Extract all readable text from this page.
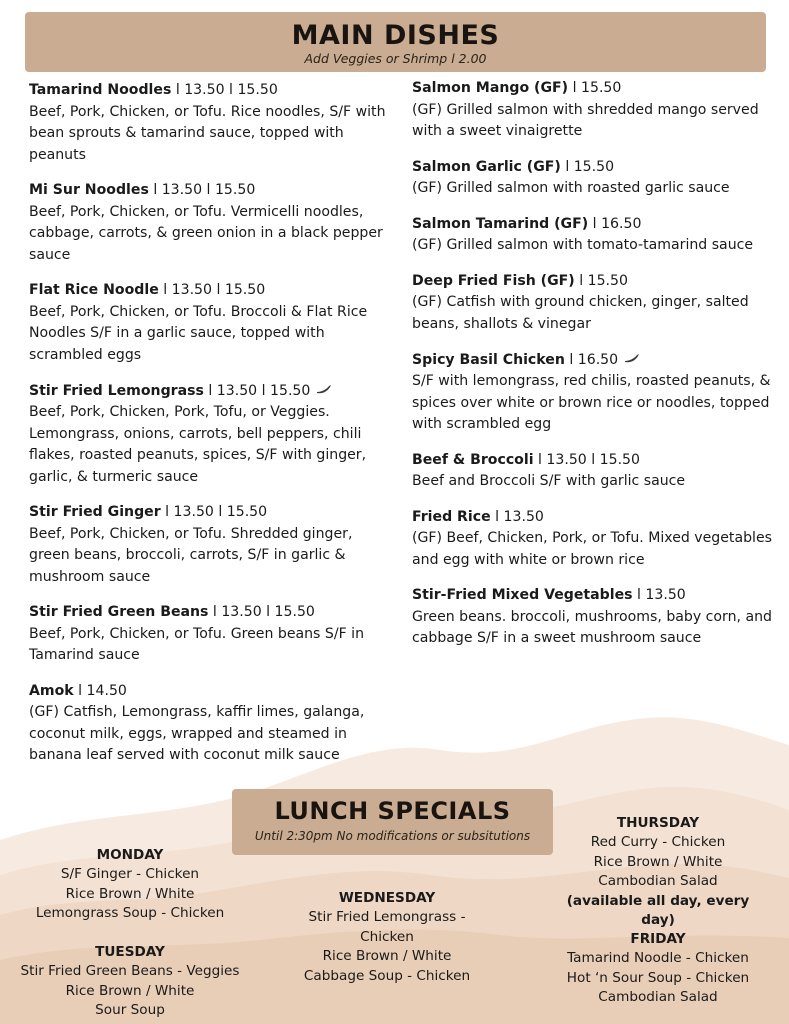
MAIN DISHES
Add Veggies or Shrimp l 2.00
Tamarind Noodles l 13.50 l 15.50
Beef, Pork, Chicken, or Tofu. Rice noodles, S/F with bean sprouts & tamarind sauce, topped with peanuts
Mi Sur Noodles l 13.50 l 15.50
Beef, Pork, Chicken, or Tofu. Vermicelli noodles, cabbage, carrots, & green onion in a black pepper sauce
Flat Rice Noodle l 13.50 l 15.50
Beef, Pork, Chicken, or Tofu. Broccoli & Flat Rice Noodles S/F in a garlic sauce, topped with scrambled eggs
Stir Fried Lemongrass l 13.50 l 15.50
Beef, Pork, Chicken, Pork, Tofu, or Veggies. Lemongrass, onions, carrots, bell peppers, chili flakes, roasted peanuts, spices, S/F with ginger, garlic, & turmeric sauce
Stir Fried Ginger l 13.50 l 15.50
Beef, Pork, Chicken, or Tofu. Shredded ginger, green beans, broccoli, carrots, S/F in garlic & mushroom sauce
Stir Fried Green Beans l 13.50 l 15.50
Beef, Pork, Chicken, or Tofu. Green beans S/F in Tamarind sauce
Amok l 14.50
(GF) Catfish, Lemongrass, kaffir limes, galanga, coconut milk, eggs, wrapped and steamed in banana leaf served with coconut milk sauce
Salmon Mango (GF) l 15.50
(GF) Grilled salmon with shredded mango served with a sweet vinaigrette
Salmon Garlic (GF) l 15.50
(GF) Grilled salmon with roasted garlic sauce
Salmon Tamarind (GF) l 16.50
(GF) Grilled salmon with tomato-tamarind sauce
Deep Fried Fish (GF) l 15.50
(GF) Catfish with ground chicken, ginger, salted beans, shallots & vinegar
Spicy Basil Chicken l 16.50
S/F with lemongrass, red chilis, roasted peanuts, & spices over white or brown rice or noodles, topped with scrambled egg
Beef & Broccoli l 13.50 l 15.50
Beef and Broccoli S/F with garlic sauce
Fried Rice l 13.50
(GF) Beef, Chicken, Pork, or Tofu. Mixed vegetables and egg with white or brown rice
Stir-Fried Mixed Vegetables l 13.50
Green beans. broccoli, mushrooms, baby corn, and cabbage S/F in a sweet mushroom sauce
LUNCH SPECIALS
Until 2:30pm No modifications or subsitutions
MONDAY
S/F Ginger - Chicken
Rice Brown / White
Lemongrass Soup - Chicken
TUESDAY
Stir Fried Green Beans - Veggies
Rice Brown / White
Sour Soup
WEDNESDAY
Stir Fried Lemongrass -
Chicken
Rice Brown / White
Cabbage Soup - Chicken
THURSDAY
Red Curry - Chicken
Rice Brown / White
Cambodian Salad
(available all day, every day)
FRIDAY
Tamarind Noodle - Chicken
Hot ‘n Sour Soup - Chicken
Cambodian Salad
